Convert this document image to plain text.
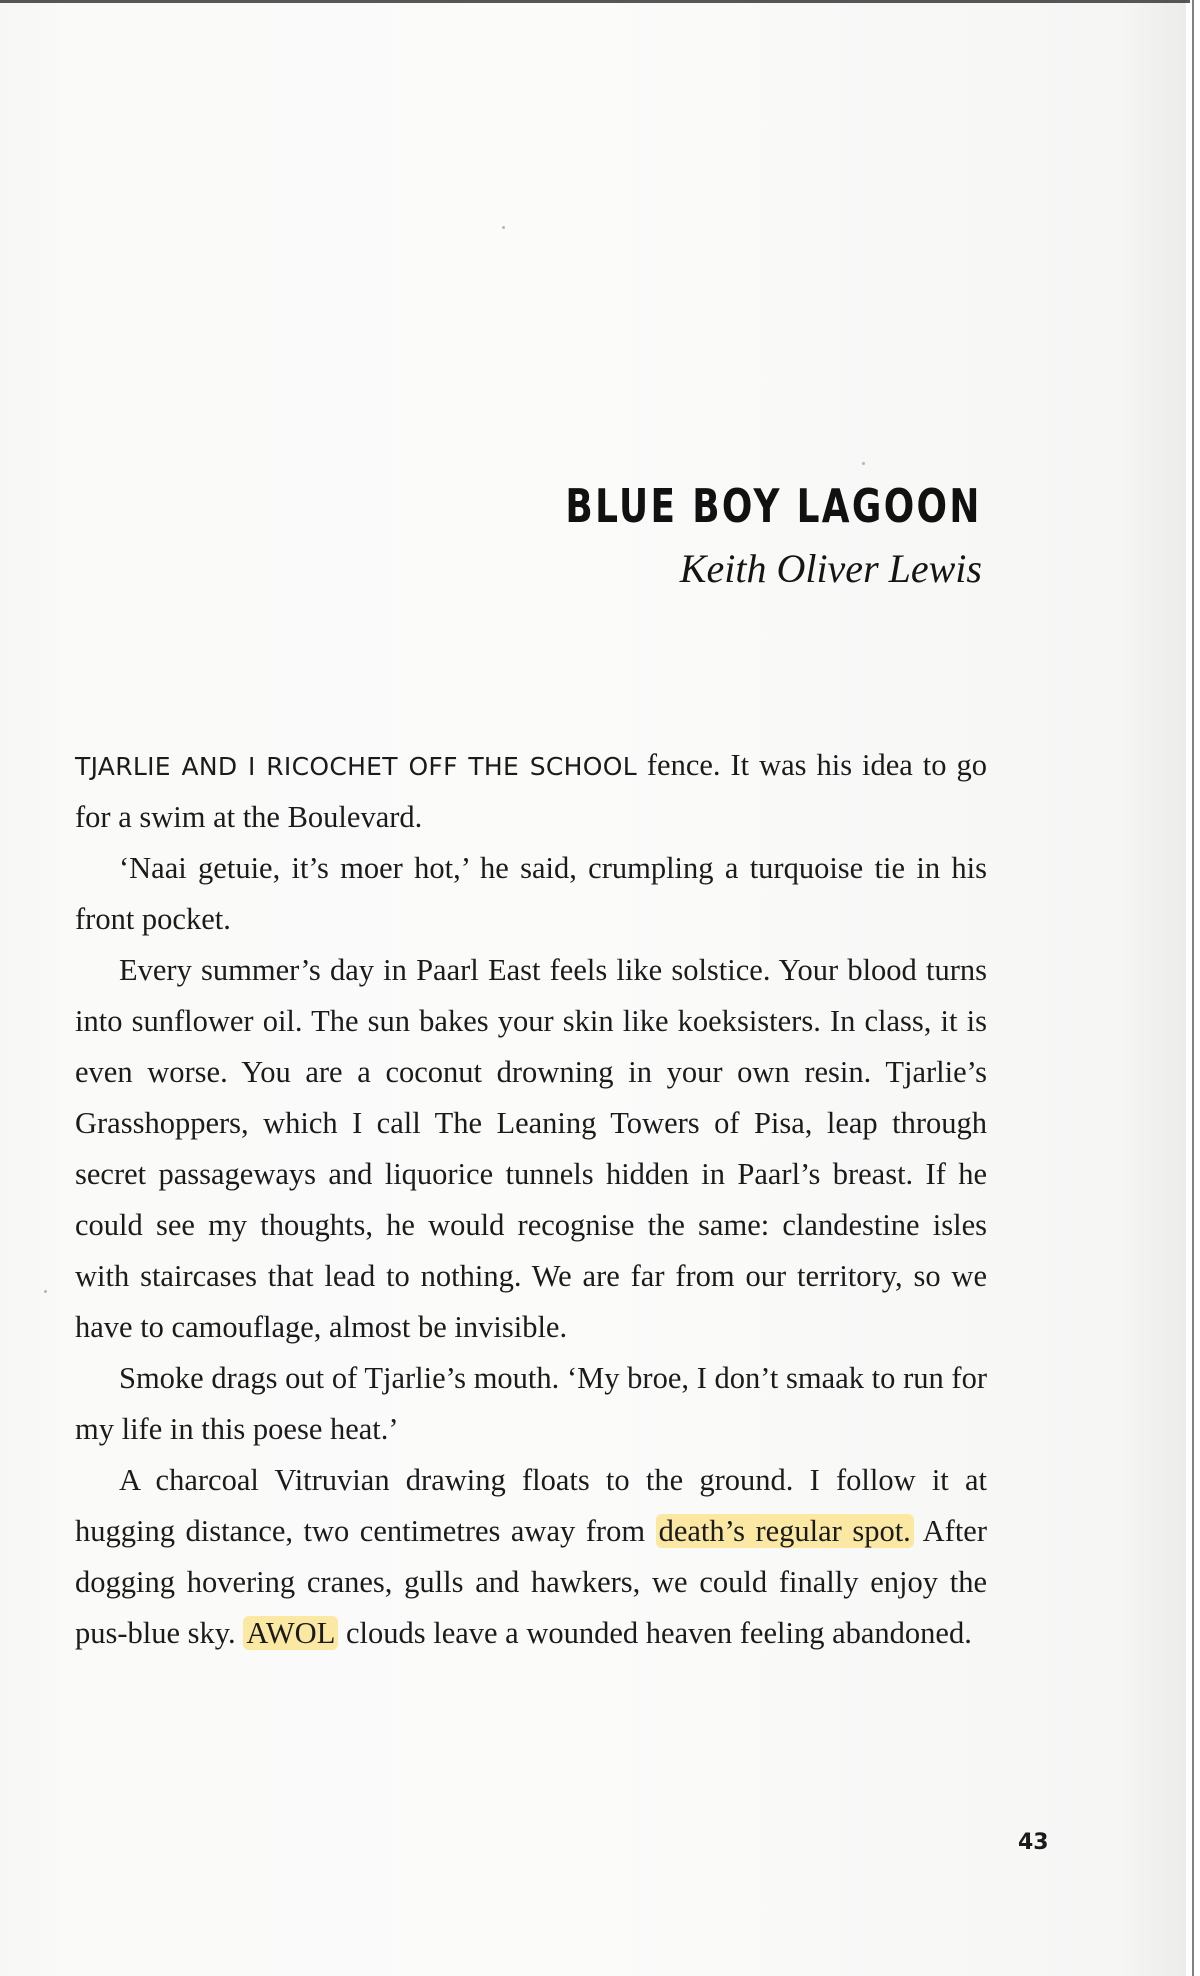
BLUE BOY LAGOON
Keith Oliver Lewis

TJARLIE AND I RICOCHET OFF THE SCHOOL fence. It was his idea to go for a swim at the Boulevard.

‘Naai getuie, it’s moer hot,’ he said, crumpling a turquoise tie in his front pocket.

Every summer’s day in Paarl East feels like solstice. Your blood turns into sunflower oil. The sun bakes your skin like koeksisters. In class, it is even worse. You are a coconut drowning in your own resin. Tjarlie’s Grasshoppers, which I call The Leaning Towers of Pisa, leap through secret passageways and liquorice tunnels hidden in Paarl’s breast. If he could see my thoughts, he would recognise the same: clandestine isles with staircases that lead to nothing. We are far from our territory, so we have to camouflage, almost be invisible.

Smoke drags out of Tjarlie’s mouth. ‘My broe, I don’t smaak to run for my life in this poese heat.’

A charcoal Vitruvian drawing floats to the ground. I follow it at hugging distance, two centimetres away from death’s regular spot. After dogging hovering cranes, gulls and hawkers, we could finally enjoy the pus-blue sky. AWOL clouds leave a wounded heaven feeling abandoned.

43
